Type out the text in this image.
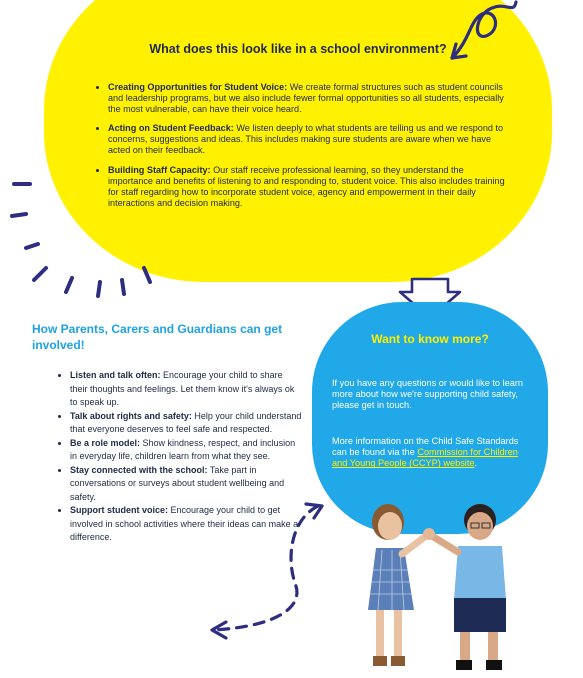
What does this look like in a school environment?
• Creating Opportunities for Student Voice: We create formal structures such as student councils and leadership programs, but we also include fewer formal opportunities so all students, especially the most vulnerable, can have their voice heard.
• Acting on Student Feedback: We listen deeply to what students are telling us and we respond to concerns, suggestions and ideas. This includes making sure students are aware when we have acted on their feedback.
• Building Staff Capacity: Our staff receive professional learning, so they understand the importance and benefits of listening to and responding to, student voice. This also includes training for staff regarding how to incorporate student voice, agency and empowerment in their daily interactions and decision making.
How Parents, Carers and Guardians can get involved!
• Listen and talk often: Encourage your child to share their thoughts and feelings. Let them know it's always ok to speak up.
• Talk about rights and safety: Help your child understand that everyone deserves to feel safe and respected.
• Be a role model: Show kindness, respect, and inclusion in everyday life, children learn from what they see.
• Stay connected with the school: Take part in conversations or surveys about student wellbeing and safety.
• Support student voice: Encourage your child to get involved in school activities where their ideas can make a difference.
Want to know more?

If you have any questions or would like to learn more about how we're supporting child safety, please get in touch.

More information on the Child Safe Standards can be found via the Commission for Children and Young People (CCYP) website.
